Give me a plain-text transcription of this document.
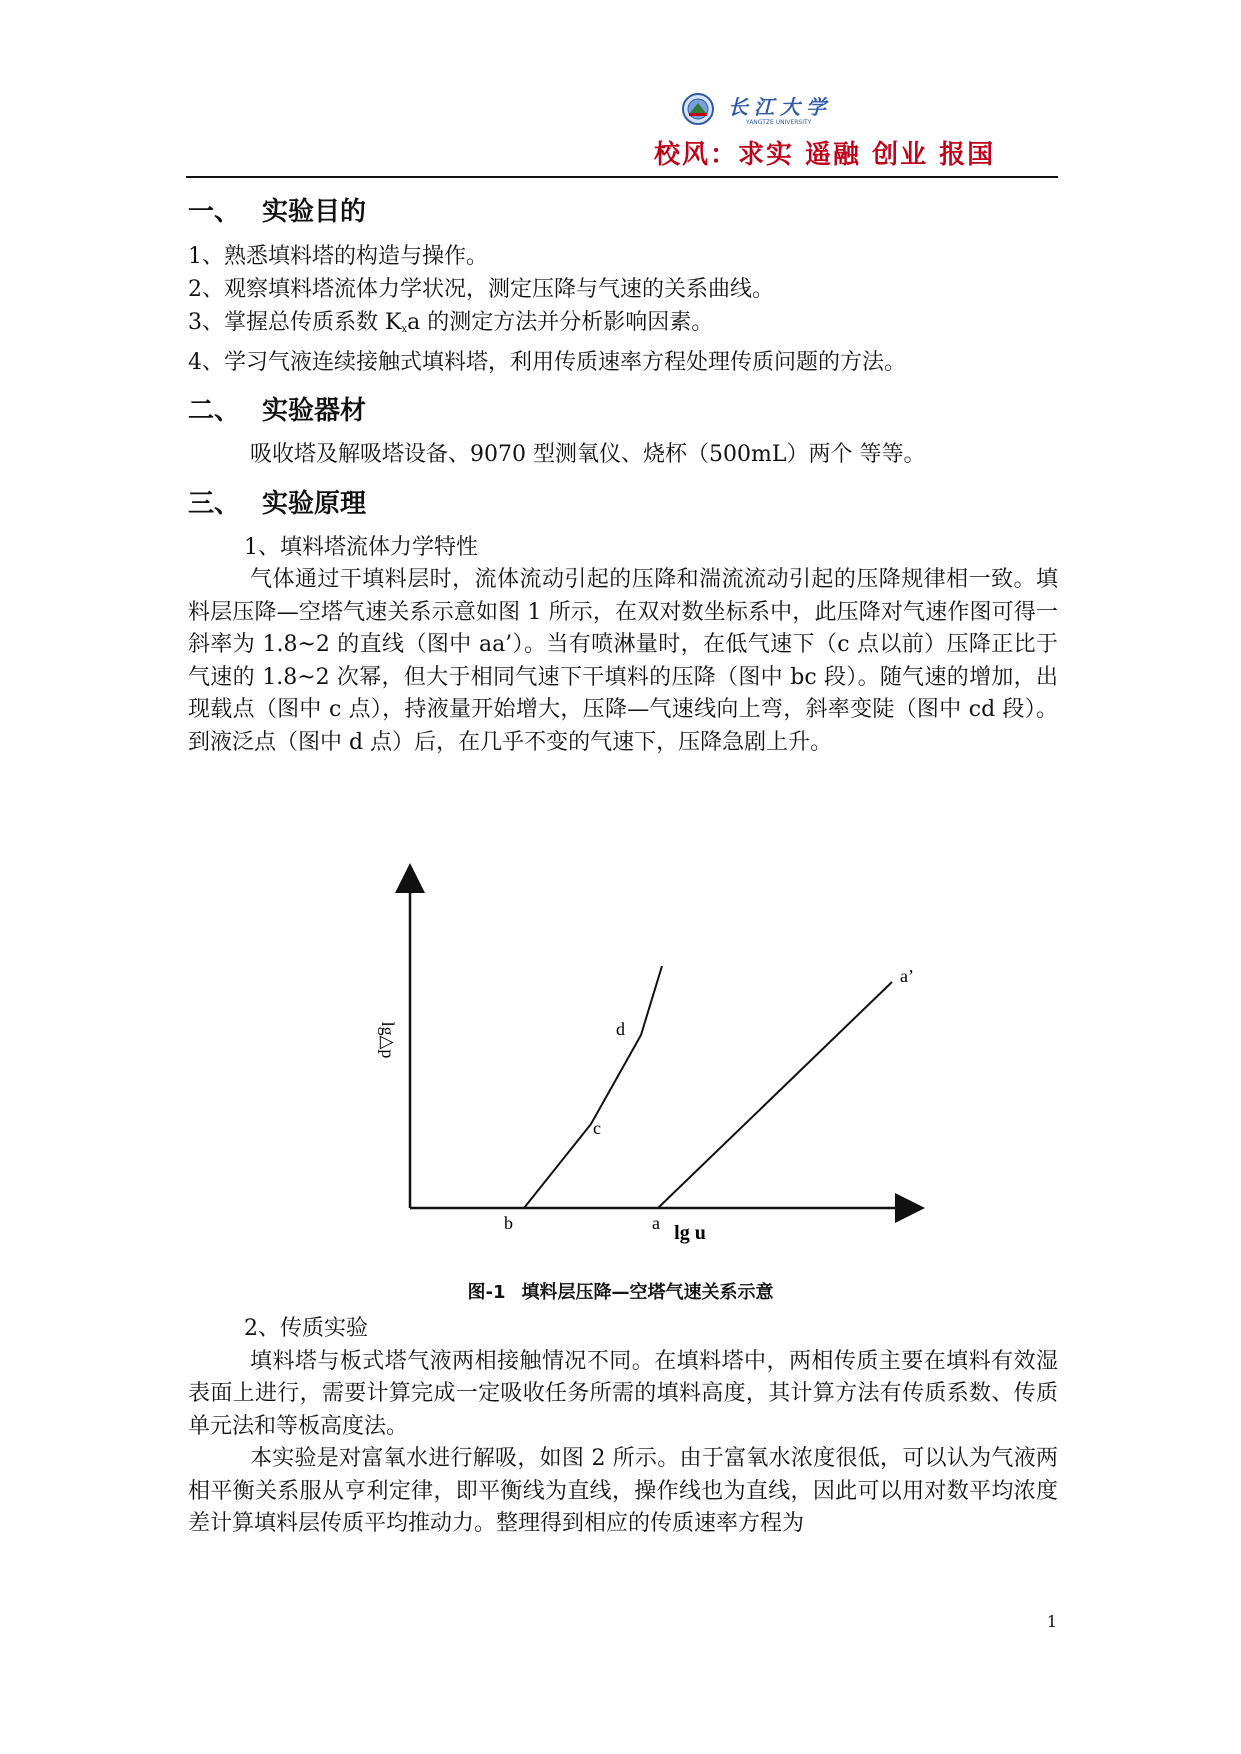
长江大学
YANGTZE UNIVERSITY
校风：求实 遥融 创业 报国
一、 实验目的

1、熟悉填料塔的构造与操作。

2、观察填料塔流体力学状况，测定压降与气速的关系曲线。

3、掌握总传质系数 $K_xa$ 的测定方法并分析影响因素。

4、学习气液连续接触式填料塔，利用传质速率方程处理传质问题的方法。

二、 实验器材

吸收塔及解吸塔设备、9070 型测氧仪、烧杯（500mL）两个 等等。

三、 实验原理

1、填料塔流体力学特性

气体通过干填料层时，流体流动引起的压降和湍流流动引起的压降规律相一致。填料层压降—空塔气速关系示意如图 1 所示，在双对数坐标系中，此压降对气速作图可得一斜率为 1.8~2 的直线（图中 aa’）。当有喷淋量时，在低气速下（c 点以前）压降正比于气速的 1.8~2 次幂，但大于相同气速下干填料的压降（图中 bc 段）。随气速的增加，出现载点（图中 c 点），持液量开始增大，压降—气速线向上弯，斜率变陡（图中 cd 段）。到液泛点（图中 d 点）后，在几乎不变的气速下，压降急剧上升。

lg△p
lg u
b	a
c
d
a’
图-1 填料层压降—空塔气速关系示意

2、传质实验

填料塔与板式塔气液两相接触情况不同。在填料塔中，两相传质主要在填料有效湿表面上进行，需要计算完成一定吸收任务所需的填料高度，其计算方法有传质系数、传质单元法和等板高度法。

本实验是对富氧水进行解吸，如图 2 所示。由于富氧水浓度很低，可以认为气液两相平衡关系服从亨利定律，即平衡线为直线，操作线也为直线，因此可以用对数平均浓度差计算填料层传质平均推动力。整理得到相应的传质速率方程为

1
